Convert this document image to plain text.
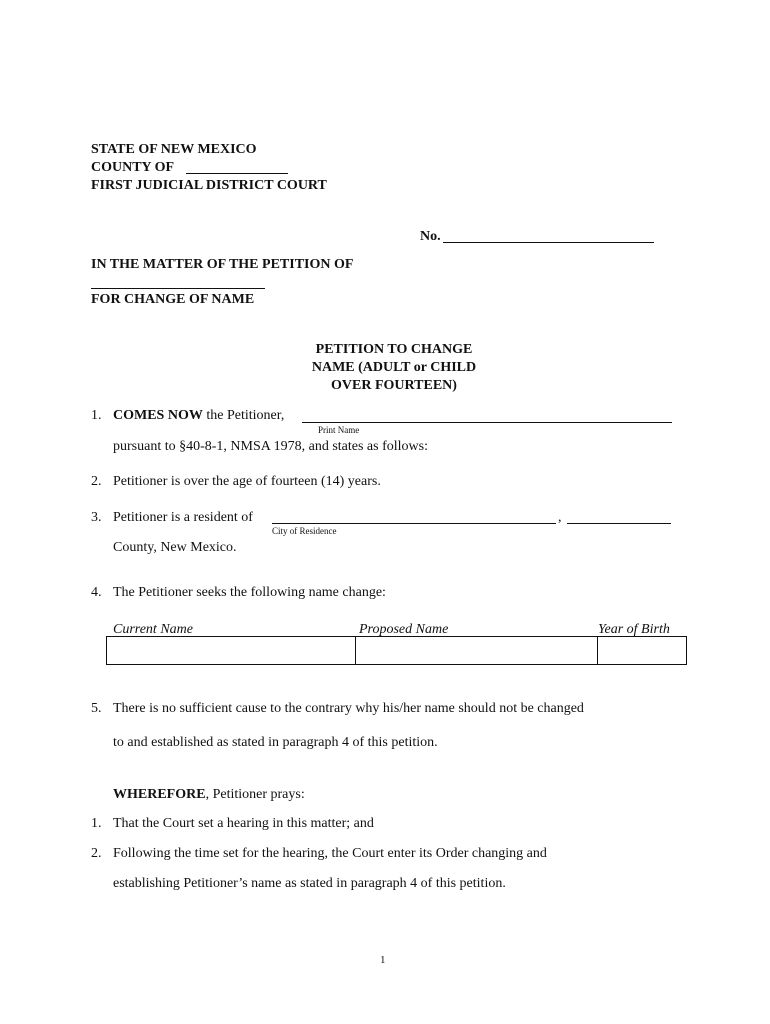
STATE OF NEW MEXICO
COUNTY OF
FIRST JUDICIAL DISTRICT COURT
No.
IN THE MATTER OF THE PETITION OF
FOR CHANGE OF NAME
PETITION TO CHANGE
NAME (ADULT or CHILD
OVER FOURTEEN)
1. COMES NOW the Petitioner,
Print Name
pursuant to §40-8-1, NMSA 1978, and states as follows:
2. Petitioner is over the age of fourteen (14) years.
3. Petitioner is a resident of	,
City of Residence
County, New Mexico.
4. The Petitioner seeks the following name change:
Current Name	Proposed Name	Year of Birth

5. There is no sufficient cause to the contrary why his/her name should not be changed
to and established as stated in paragraph 4 of this petition.
WHEREFORE, Petitioner prays:
1. That the Court set a hearing in this matter; and
2. Following the time set for the hearing, the Court enter its Order changing and
establishing Petitioner’s name as stated in paragraph 4 of this petition.
1
